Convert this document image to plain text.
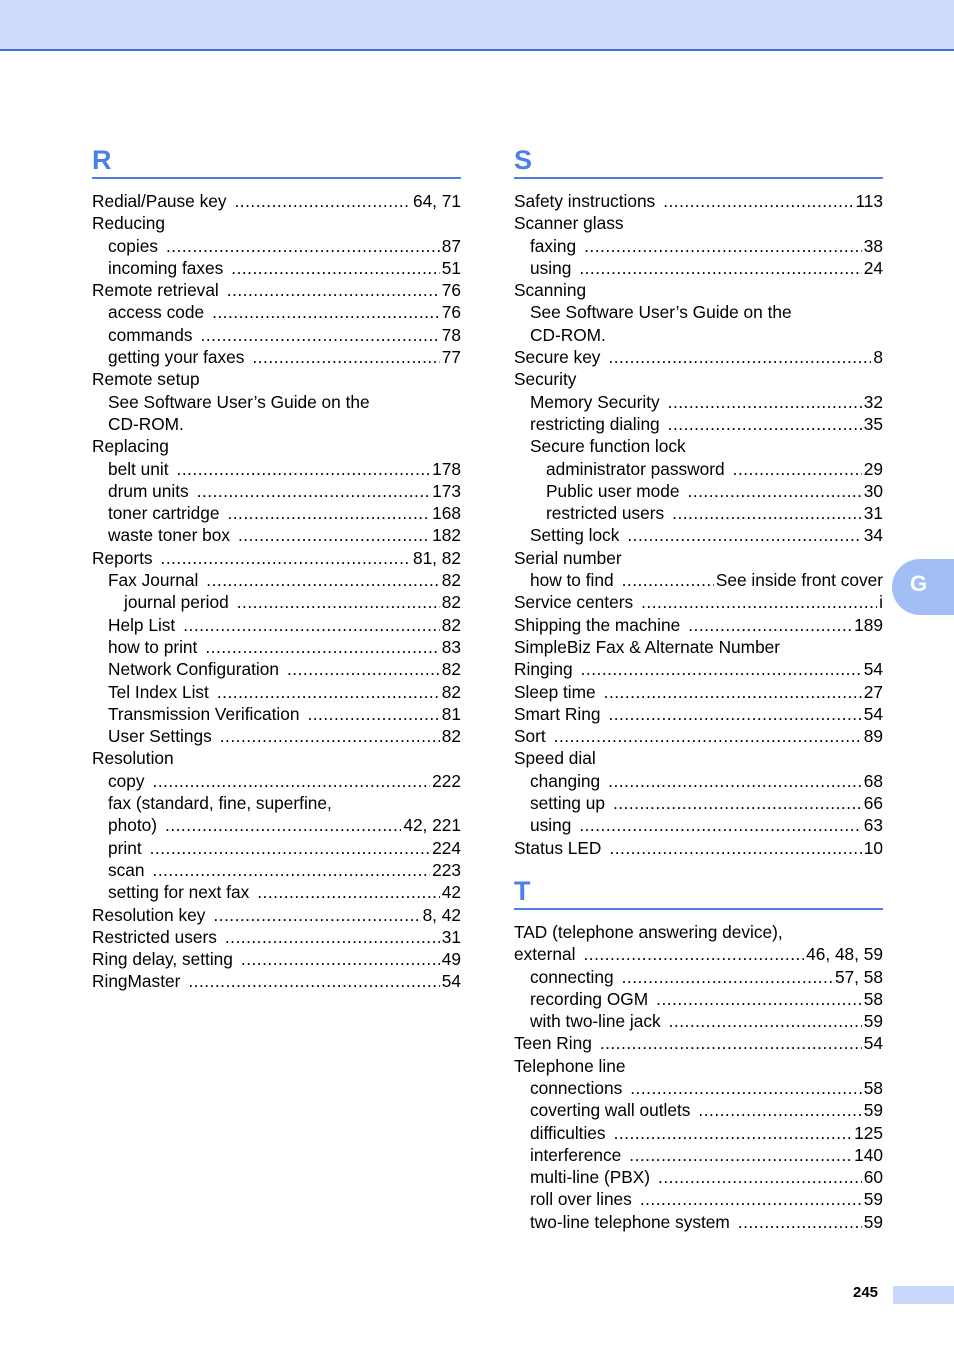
R
Redial/Pause key .....	64, 71
Reducing
copies .....	87
incoming faxes .....	51
Remote retrieval .....	76
access code .....	76
commands .....	78
getting your faxes .....	77
Remote setup
See Software User’s Guide on the
CD-ROM.
Replacing
belt unit .....	178
drum units .....	173
toner cartridge .....	168
waste toner box .....	182
Reports .....	81, 82
Fax Journal .....	82
journal period .....	82
Help List .....	82
how to print .....	83
Network Configuration .....	82
Tel Index List .....	82
Transmission Verification .....	81
User Settings .....	82
Resolution
copy .....	222
fax (standard, fine, superfine,
photo) .....	42, 221
print .....	224
scan .....	223
setting for next fax .....	42
Resolution key .....	8, 42
Restricted users .....	31
Ring delay, setting .....	49
RingMaster .....	54
S
Safety instructions .....	113
Scanner glass
faxing .....	38
using .....	24
Scanning
See Software User’s Guide on the
CD-ROM.
Secure key .....	8
Security
Memory Security .....	32
restricting dialing .....	35
Secure function lock
administrator password .....	29
Public user mode .....	30
restricted users .....	31
Setting lock .....	34
Serial number
how to find .....	See inside front cover
Service centers .....	i
Shipping the machine .....	189
SimpleBiz Fax & Alternate Number
Ringing .....	54
Sleep time .....	27
Smart Ring .....	54
Sort .....	89
Speed dial
changing .....	68
setting up .....	66
using .....	63
Status LED .....	10
T
TAD (telephone answering device),
external .....	46, 48, 59
connecting .....	57, 58
recording OGM .....	58
with two-line jack .....	59
Teen Ring .....	54
Telephone line
connections .....	58
coverting wall outlets .....	59
difficulties .....	125
interference .....	140
multi-line (PBX) .....	60
roll over lines .....	59
two-line telephone system .....	59
G
245
